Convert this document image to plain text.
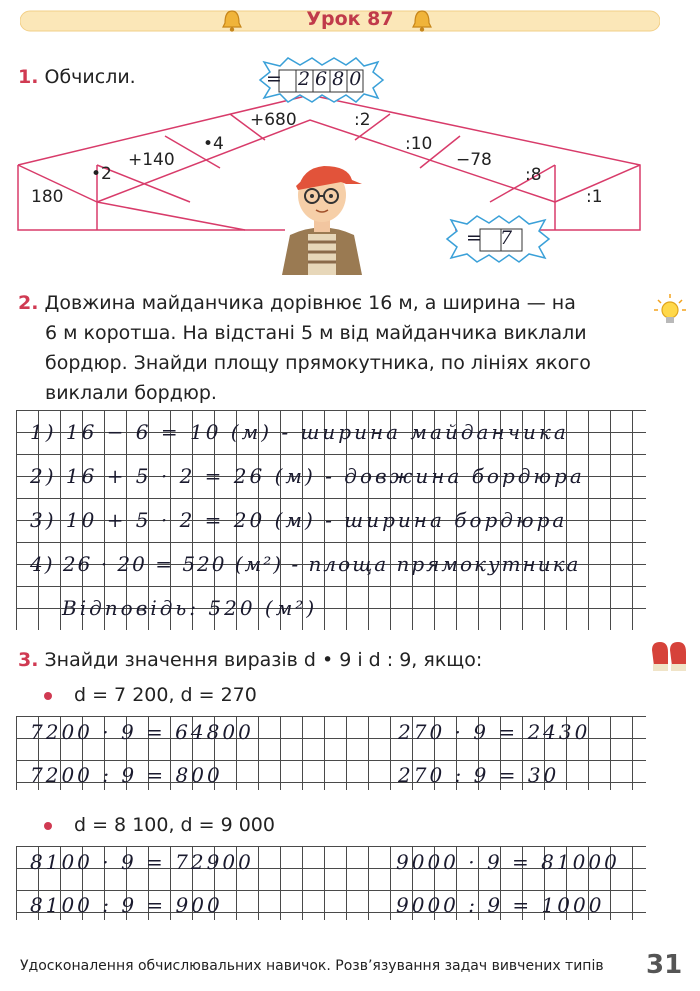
Урок 87
1. Обчисли.
180
•2
+140
•4
+680	:2
:10
−78
:8
:1
= 2680
= 7
2. Довжина майданчика дорівнює 16 м, а ширина — на
6 м коротша. На відстані 5 м від майданчика виклали
бордюр. Знайди площу прямокутника, по лініях якого
виклали бордюр.
1) 16 − 6 = 10 (м) - ширина майданчика
2) 16 + 5 · 2 = 26 (м) - довжина бордюра
3) 10 + 5 · 2 = 20 (м) - ширина бордюра
4) 26 · 20 = 520 (м²) - площа прямокутника
Відповідь: 520 (м²)
3. Знайди значення виразів d • 9 і d : 9, якщо:
d = 7 200, d = 270
7200 · 9 = 64800
7200 : 9 = 800
270 · 9 = 2430
270 : 9 = 30
d = 8 100, d = 9 000
8100 · 9 = 72900
8100 : 9 = 900
9000 · 9 = 81000
9000 : 9 = 1000
Удосконалення обчислювальних навичок. Розв’язування задач вивчених типів 31
